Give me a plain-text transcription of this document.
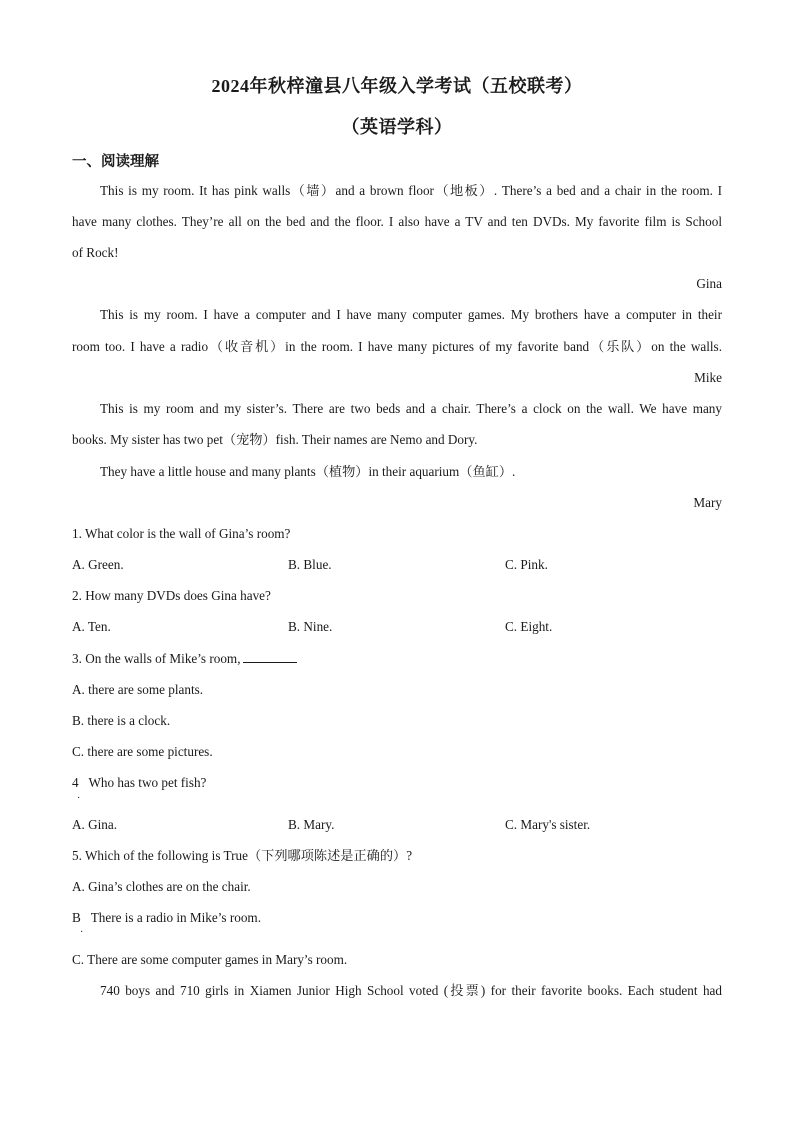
2024年秋梓潼县八年级入学考试（五校联考）
（英语学科）
一、阅读理解
This is my room. It has pink walls（墙）and a brown floor（地板）. There’s a bed and a chair in the room. I
have many clothes. They’re all on the bed and the floor. I also have a TV and ten DVDs. My favorite film is School
of Rock!
Gina
This is my room. I have a computer and I have many computer games. My brothers have a computer in their
room too. I have a radio（收音机）in the room. I have many pictures of my favorite band（乐队）on the walls.
Mike
This is my room and my sister’s. There are two beds and a chair. There’s a clock on the wall. We have many
books. My sister has two pet（宠物）fish. Their names are Nemo and Dory.
They have a little house and many plants（植物）in their aquarium（鱼缸）.
Mary
1. What color is the wall of Gina’s room?
A. Green.	B. Blue.	C. Pink.
2. How many DVDs does Gina have?
A. Ten.	B. Nine.	C. Eight.
3. On the walls of Mike’s room,
A. there are some plants.
B. there is a clock.
C. there are some pictures.
4 Who has two pet fish?
·
A. Gina.	B. Mary.	C. Mary's sister.
5. Which of the following is True（下列哪项陈述是正确的）?
A. Gina’s clothes are on the chair.
B There is a radio in Mike’s room.
·
C. There are some computer games in Mary’s room.
740 boys and 710 girls in Xiamen Junior High School voted (投票) for their favorite books. Each student had
